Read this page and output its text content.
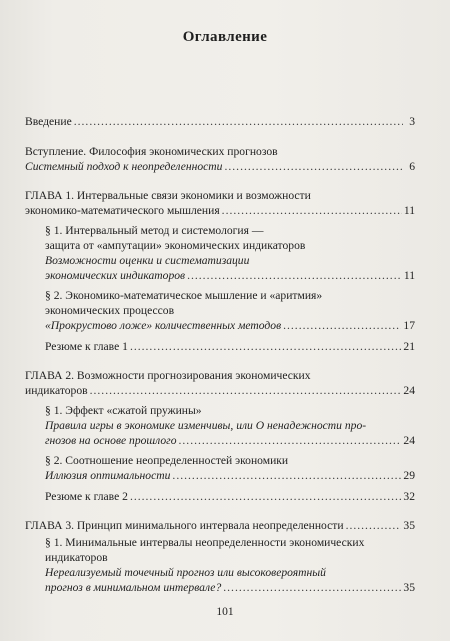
Оглавление
Введение .....	3
Вступление. Философия экономических прогнозов
Системный подход к неопределенности .....	6
ГЛАВА 1. Интервальные связи экономики и возможности
экономико-математического мышления .....	11
§ 1. Интервальный метод и системология —
защита от «ампутации» экономических индикаторов
Возможности оценки и систематизации
экономических индикаторов .....	11
§ 2. Экономико-математическое мышление и «аритмия»
экономических процессов
«Прокрустово ложе» количественных методов .....	17
Резюме к главе 1 .....	21
ГЛАВА 2. Возможности прогнозирования экономических
индикаторов .....	24
§ 1. Эффект «сжатой пружины»
Правила игры в экономике изменчивы, или О ненадежности про-
гнозов на основе прошлого .....	24
§ 2. Соотношение неопределенностей экономики
Иллюзия оптимальности .....	29
Резюме к главе 2 .....	32
ГЛАВА 3. Принцип минимального интервала неопределенности .....	35
§ 1. Минимальные интервалы неопределенности экономических
индикаторов
Нереализуемый точечный прогноз или высоковероятный
прогноз в минимальном интервале? .....	35
101
